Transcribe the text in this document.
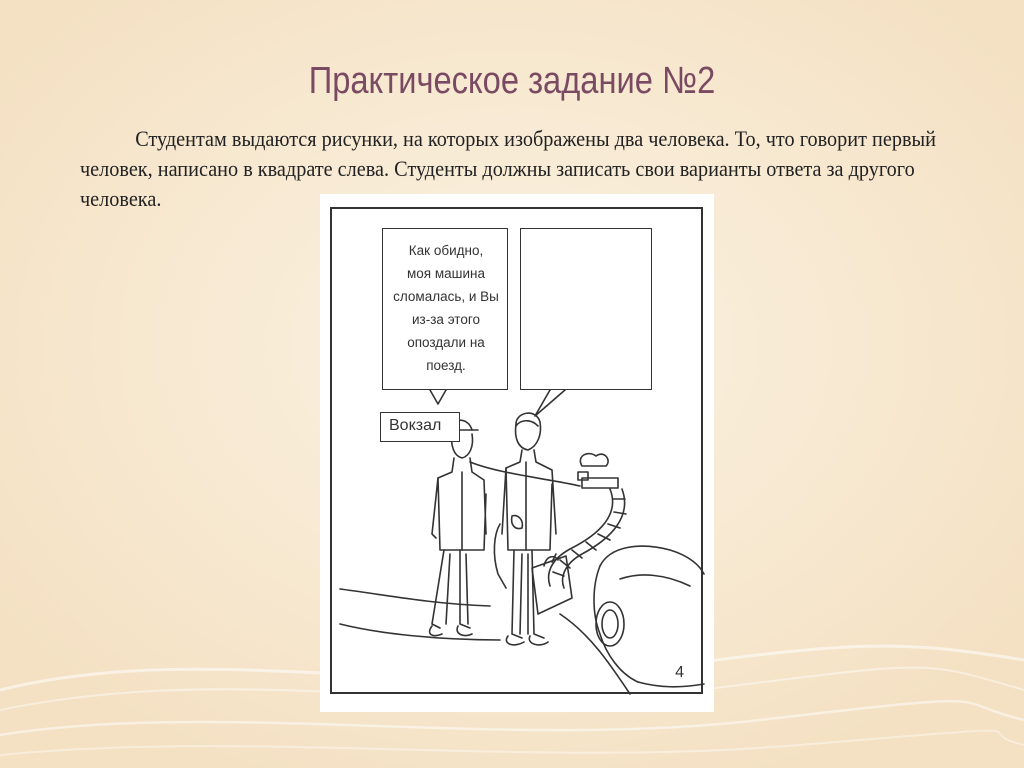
Практическое задание №2
Студентам выдаются рисунки, на которых изображены два человека. То, что говорит первый человек, написано в квадрате слева. Студенты должны записать свои варианты ответа за другого человека.
Как обидно,
моя машина
сломалась, и Вы
из-за этого
опоздали на
поезд.
Вокзал
4
